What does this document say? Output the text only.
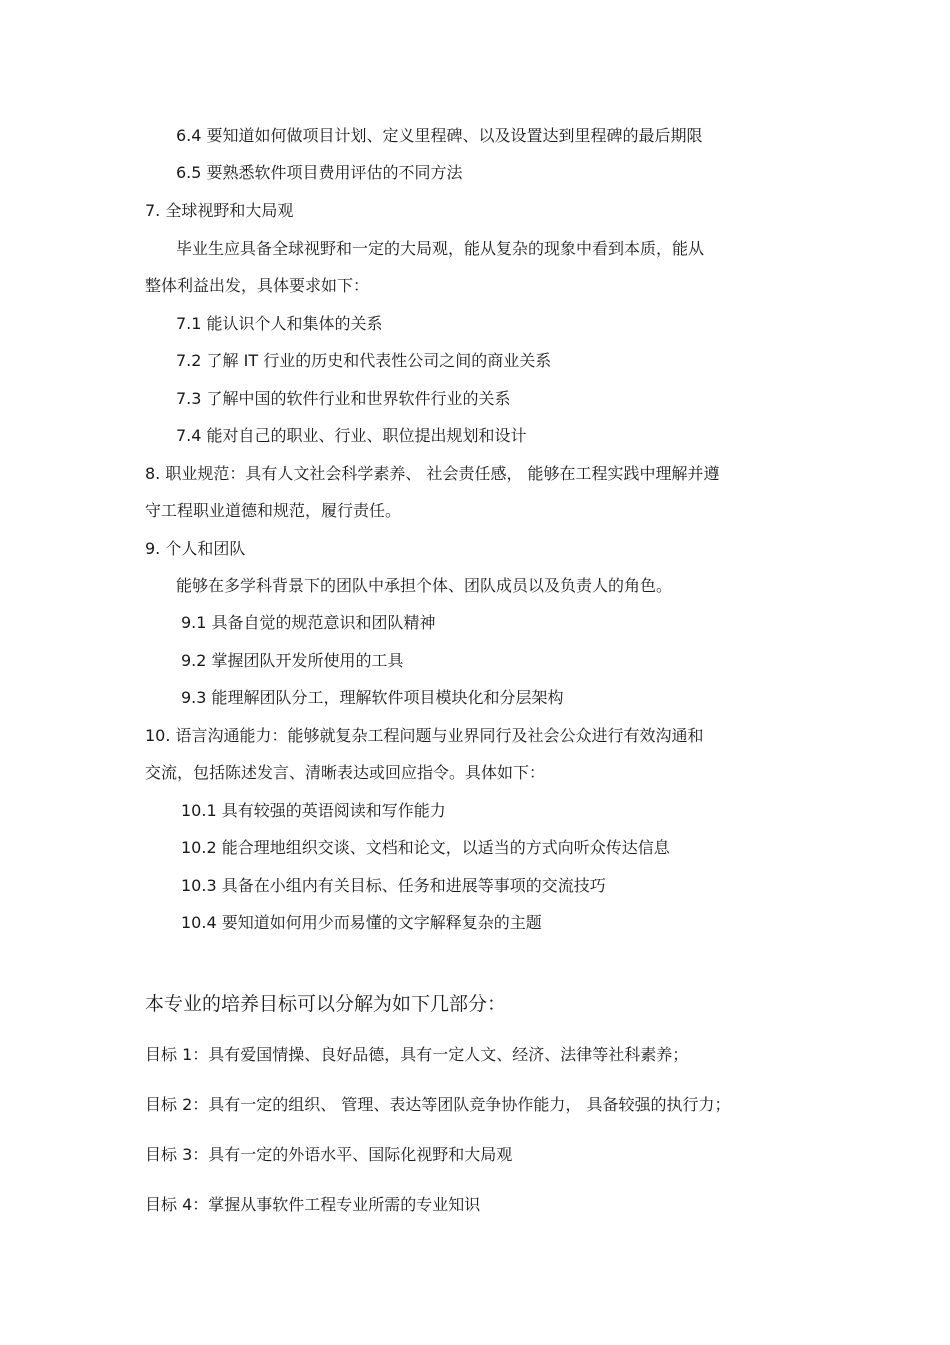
6.4 要知道如何做项目计划、定义里程碑、以及设置达到里程碑的最后期限
6.5 要熟悉软件项目费用评估的不同方法
7. 全球视野和大局观
毕业生应具备全球视野和一定的大局观，能从复杂的现象中看到本质，能从
整体利益出发，具体要求如下：
7.1 能认识个人和集体的关系
7.2 了解 IT 行业的历史和代表性公司之间的商业关系
7.3 了解中国的软件行业和世界软件行业的关系
7.4 能对自己的职业、行业、职位提出规划和设计
8. 职业规范：具有人文社会科学素养、 社会责任感， 能够在工程实践中理解并遵
守工程职业道德和规范，履行责任。
9. 个人和团队
能够在多学科背景下的团队中承担个体、团队成员以及负责人的角色。
9.1 具备自觉的规范意识和团队精神
9.2 掌握团队开发所使用的工具
9.3 能理解团队分工，理解软件项目模块化和分层架构
10. 语言沟通能力：能够就复杂工程问题与业界同行及社会公众进行有效沟通和
交流，包括陈述发言、清晰表达或回应指令。具体如下：
10.1 具有较强的英语阅读和写作能力
10.2 能合理地组织交谈、文档和论文，以适当的方式向听众传达信息
10.3 具备在小组内有关目标、任务和进展等事项的交流技巧
10.4 要知道如何用少而易懂的文字解释复杂的主题
本专业的培养目标可以分解为如下几部分：
目标 1：具有爱国情操、良好品德，具有一定人文、经济、法律等社科素养；
目标 2：具有一定的组织、 管理、表达等团队竞争协作能力， 具备较强的执行力；
目标 3：具有一定的外语水平、国际化视野和大局观
目标 4：掌握从事软件工程专业所需的专业知识
